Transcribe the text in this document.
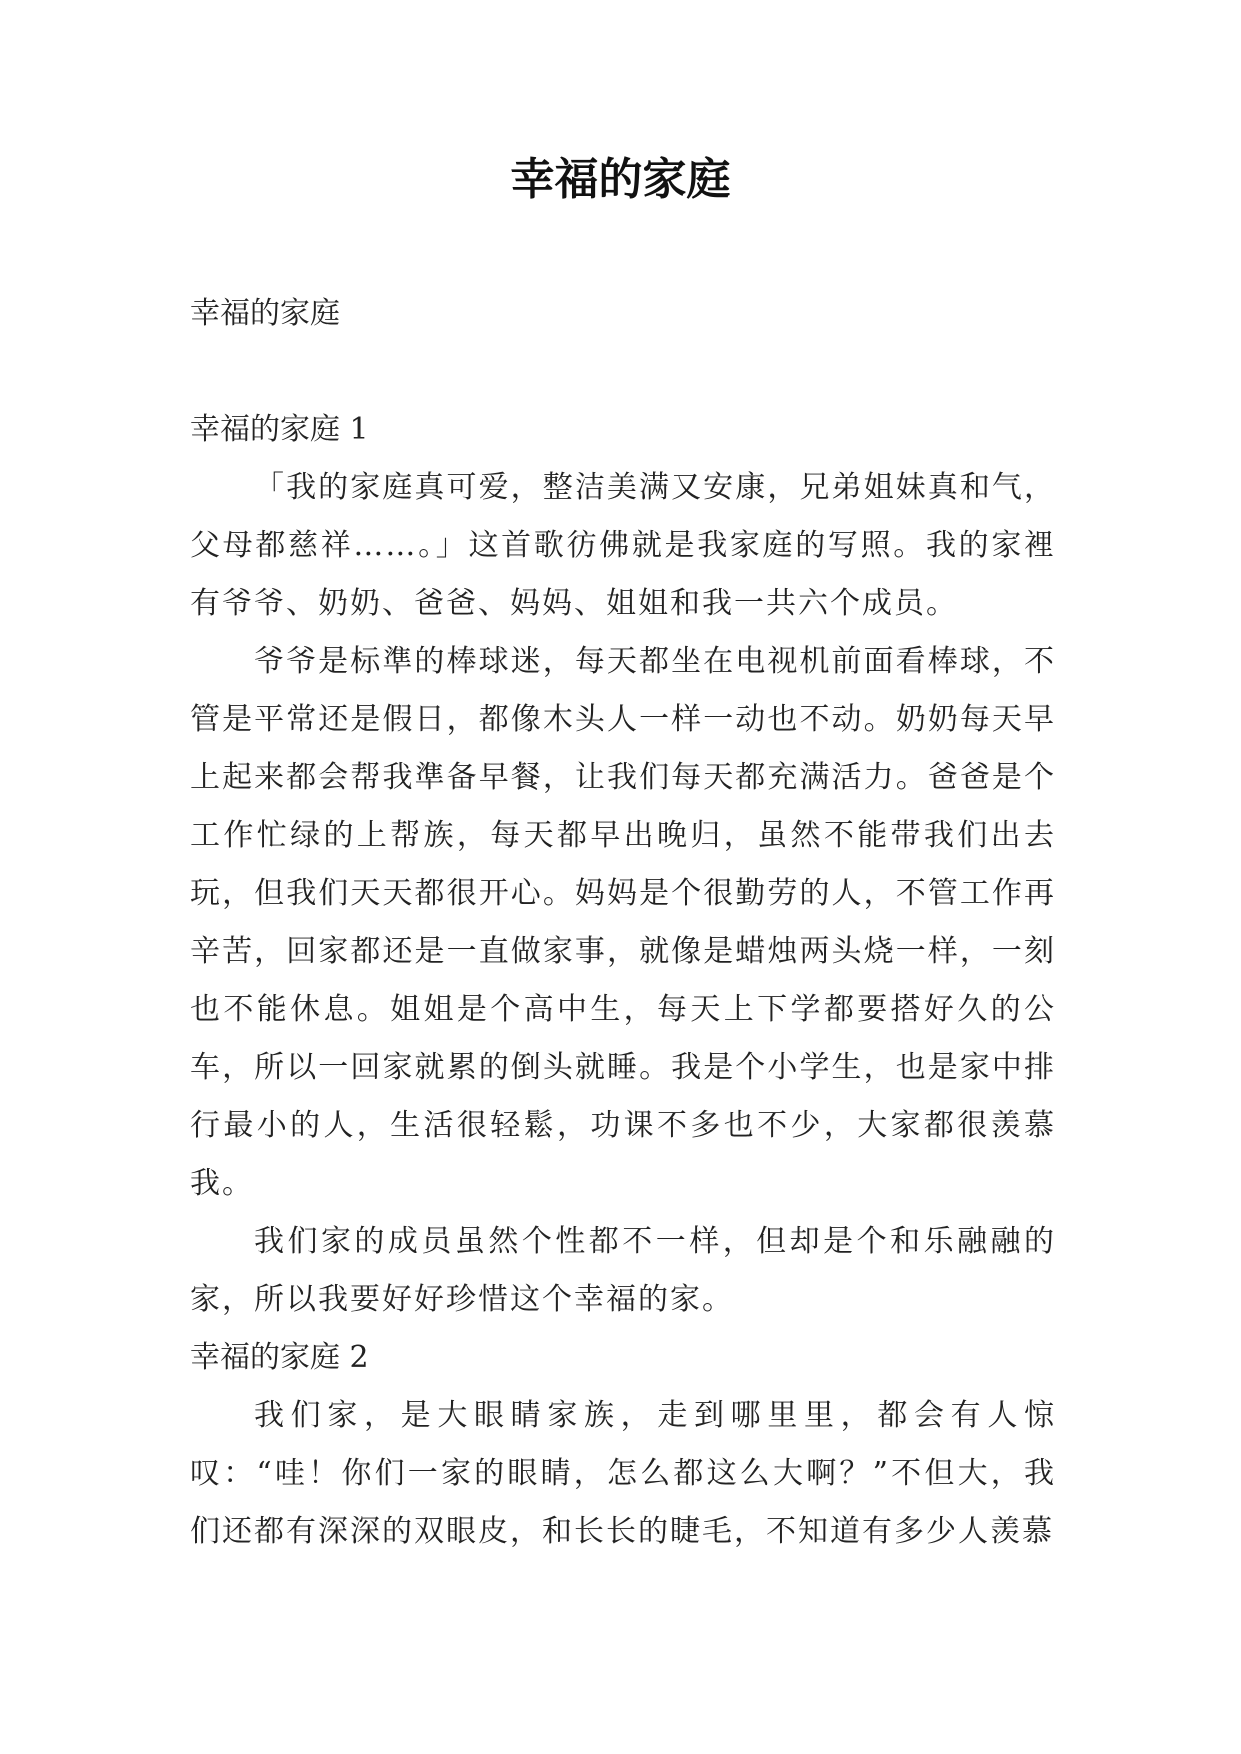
幸福的家庭

幸福的家庭

幸福的家庭 1

「我的家庭真可爱，整洁美满又安康，兄弟姐妹真和气，父母都慈祥……。」这首歌彷佛就是我家庭的写照。我的家裡有爷爷、奶奶、爸爸、妈妈、姐姐和我一共六个成员。

爷爷是标準的棒球迷，每天都坐在电视机前面看棒球，不管是平常还是假日，都像木头人一样一动也不动。奶奶每天早上起来都会帮我準备早餐，让我们每天都充满活力。爸爸是个工作忙绿的上帮族，每天都早出晚归，虽然不能带我们出去玩，但我们天天都很开心。妈妈是个很勤劳的人，不管工作再辛苦，回家都还是一直做家事，就像是蜡烛两头烧一样，一刻也不能休息。姐姐是个高中生，每天上下学都要搭好久的公车，所以一回家就累的倒头就睡。我是个小学生，也是家中排行最小的人，生活很轻鬆，功课不多也不少，大家都很羡慕我。

我们家的成员虽然个性都不一样，但却是个和乐融融的家，所以我要好好珍惜这个幸福的家。

幸福的家庭 2

我们家，是大眼睛家族，走到哪里里，都会有人惊叹：“哇！你们一家的眼睛，怎么都这么大啊？”不但大，我们还都有深深的双眼皮，和长长的睫毛，不知道有多少人羡慕
